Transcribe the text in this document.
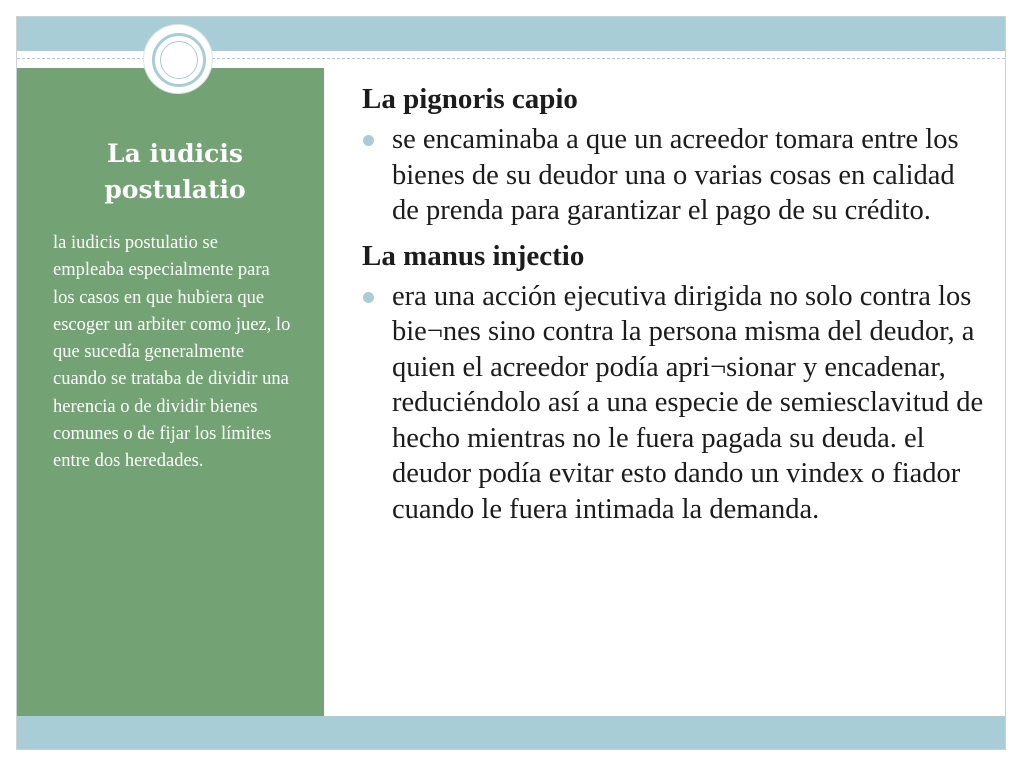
La iudicis postulatio
la iudicis postulatio se empleaba especialmente para los casos en que hubiera que escoger un arbiter como juez, lo que sucedía generalmente cuando se trataba de dividir una herencia o de dividir bienes comunes o de fijar los límites entre dos heredades.

La pignoris capio

se encaminaba a que un acreedor tomara entre los bienes de su deudor una o varias cosas en calidad de prenda para garantizar el pago de su crédito.

La manus injectio

era una acción ejecutiva dirigida no solo contra los bie¬nes sino contra la persona misma del deudor, a quien el acreedor podía apri¬sionar y encadenar, reduciéndolo así a una especie de semiesclavitud de hecho mientras no le fuera pagada su deuda. el deudor podía evitar esto dando un vindex o fiador cuando le fuera intimada la demanda.
